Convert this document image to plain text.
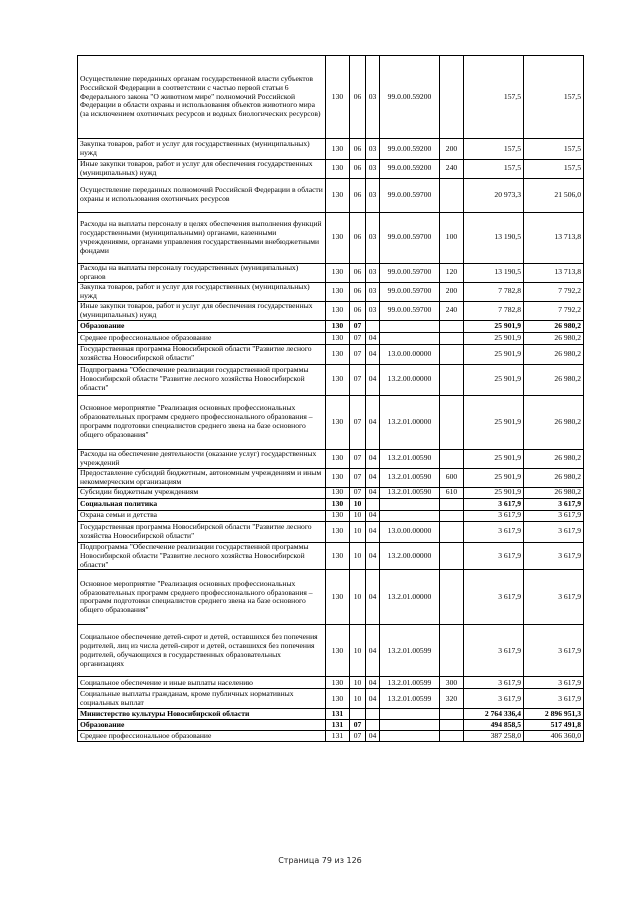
Осуществление переданных органам государственной власти субъектов Российской Федерации в соответствии с частью первой статьи 6 Федерального закона "О животном мире" полномочий Российской Федерации в области охраны и использования объектов животного мира (за исключением охотничьих ресурсов и водных биологических ресурсов)	130	06	03	99.0.00.59200		157,5	157,5
Закупка товаров, работ и услуг для государственных (муниципальных) нужд	130	06	03	99.0.00.59200	200	157,5	157,5
Иные закупки товаров, работ и услуг для обеспечения государственных (муниципальных) нужд	130	06	03	99.0.00.59200	240	157,5	157,5
Осуществление переданных полномочий Российской Федерации в области охраны и использования охотничьих ресурсов	130	06	03	99.0.00.59700		20 973,3	21 506,0
Расходы на выплаты персоналу в целях обеспечения выполнения функций государственными (муниципальными) органами, казенными учреждениями, органами управления государственными внебюджетными фондами	130	06	03	99.0.00.59700	100	13 190,5	13 713,8
Расходы на выплаты персоналу государственных (муниципальных) органов	130	06	03	99.0.00.59700	120	13 190,5	13 713,8
Закупка товаров, работ и услуг для государственных (муниципальных) нужд	130	06	03	99.0.00.59700	200	7 782,8	7 792,2
Иные закупки товаров, работ и услуг для обеспечения государственных (муниципальных) нужд	130	06	03	99.0.00.59700	240	7 782,8	7 792,2
Образование	130	07				25 901,9	26 980,2
Среднее профессиональное образование	130	07	04			25 901,9	26 980,2
Государственная программа Новосибирской области "Развитие лесного хозяйства Новосибирской области"	130	07	04	13.0.00.00000		25 901,9	26 980,2
Подпрограмма "Обеспечение реализации государственной программы Новосибирской области "Развитие лесного хозяйства Новосибирской области"	130	07	04	13.2.00.00000		25 901,9	26 980,2
Основное мероприятие "Реализация основных профессиональных образовательных программ среднего профессионального образования – программ подготовки специалистов среднего звена на базе основного общего образования"	130	07	04	13.2.01.00000		25 901,9	26 980,2
Расходы на обеспечение деятельности (оказание услуг) государственных учреждений	130	07	04	13.2.01.00590		25 901,9	26 980,2
Предоставление субсидий бюджетным, автономным учреждениям и иным некоммерческим организациям	130	07	04	13.2.01.00590	600	25 901,9	26 980,2
Субсидии бюджетным учреждениям	130	07	04	13.2.01.00590	610	25 901,9	26 980,2
Социальная политика	130	10				3 617,9	3 617,9
Охрана семьи и детства	130	10	04			3 617,9	3 617,9
Государственная программа Новосибирской области "Развитие лесного хозяйства Новосибирской области"	130	10	04	13.0.00.00000		3 617,9	3 617,9
Подпрограмма "Обеспечение реализации государственной программы Новосибирской области "Развитие лесного хозяйства Новосибирской области"	130	10	04	13.2.00.00000		3 617,9	3 617,9
Основное мероприятие "Реализация основных профессиональных образовательных программ среднего профессионального образования – программ подготовки специалистов среднего звена на базе основного общего образования"	130	10	04	13.2.01.00000		3 617,9	3 617,9
Социальное обеспечение детей-сирот и детей, оставшихся без попечения родителей, лиц из числа детей-сирот и детей, оставшихся без попечения родителей, обучающихся в государственных образовательных организациях	130	10	04	13.2.01.00599		3 617,9	3 617,9
Социальное обеспечение и иные выплаты населению	130	10	04	13.2.01.00599	300	3 617,9	3 617,9
Социальные выплаты гражданам, кроме публичных нормативных социальных выплат	130	10	04	13.2.01.00599	320	3 617,9	3 617,9
Министерство культуры Новосибирской области	131					2 764 336,4	2 896 951,3
Образование	131	07				494 858,5	517 491,8
Среднее профессиональное образование	131	07	04			387 258,0	406 360,0
Страница 79 из 126
